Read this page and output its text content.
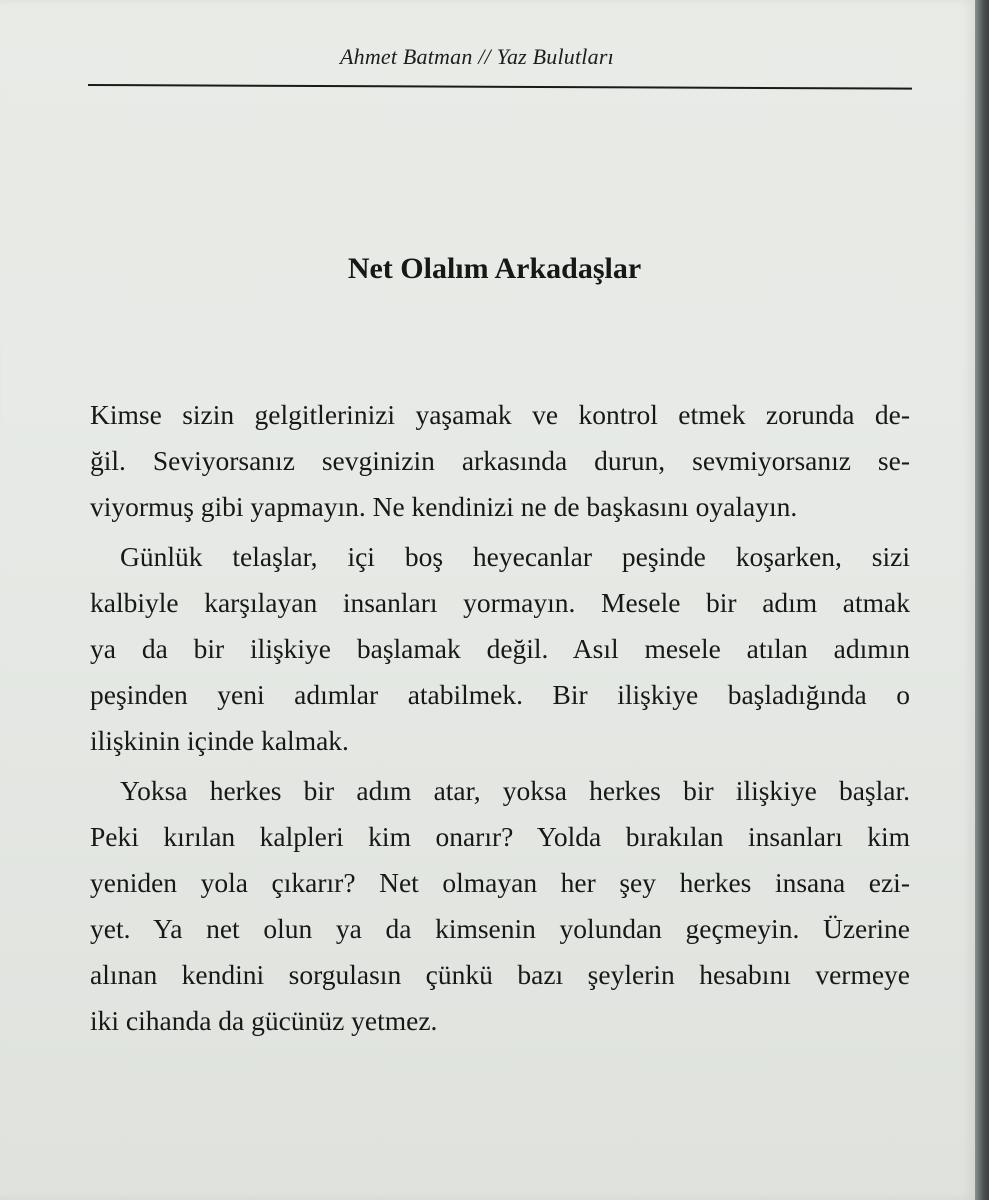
Ahmet Batman // Yaz Bulutları
Net Olalım Arkadaşlar
Kimse sizin gelgitlerinizi yaşamak ve kontrol etmek zorunda de-
ğil. Seviyorsanız sevginizin arkasında durun, sevmiyorsanız se-
viyormuş gibi yapmayın. Ne kendinizi ne de başkasını oyalayın.
Günlük telaşlar, içi boş heyecanlar peşinde koşarken, sizi
kalbiyle karşılayan insanları yormayın. Mesele bir adım atmak
ya da bir ilişkiye başlamak değil. Asıl mesele atılan adımın
peşinden yeni adımlar atabilmek. Bir ilişkiye başladığında o
ilişkinin içinde kalmak.
Yoksa herkes bir adım atar, yoksa herkes bir ilişkiye başlar.
Peki kırılan kalpleri kim onarır? Yolda bırakılan insanları kim
yeniden yola çıkarır? Net olmayan her şey herkes insana ezi-
yet. Ya net olun ya da kimsenin yolundan geçmeyin. Üzerine
alınan kendini sorgulasın çünkü bazı şeylerin hesabını vermeye
iki cihanda da gücünüz yetmez.
